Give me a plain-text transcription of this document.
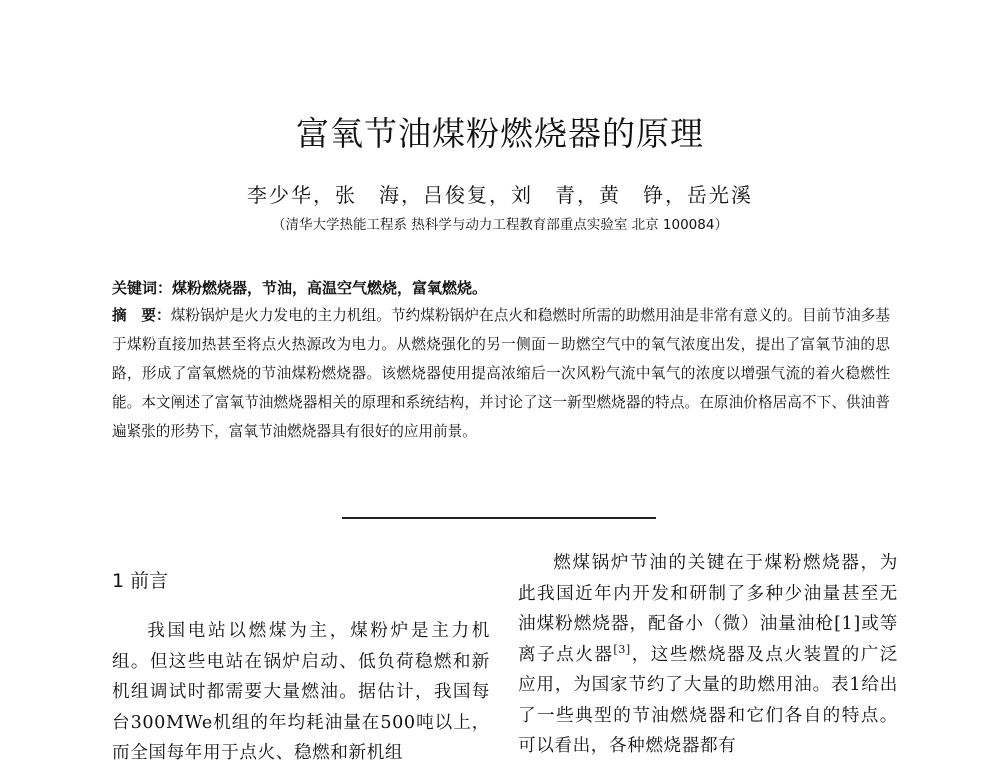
富氧节油煤粉燃烧器的原理
李少华，张　海，吕俊复，刘　青，黄　铮，岳光溪
（清华大学热能工程系 热科学与动力工程教育部重点实验室 北京 100084）
关键词：煤粉燃烧器，节油，高温空气燃烧，富氧燃烧。
摘　要：煤粉锅炉是火力发电的主力机组。节约煤粉锅炉在点火和稳燃时所需的助燃用油是非常有意义的。目前节油多基于煤粉直接加热甚至将点火热源改为电力。从燃烧强化的另一侧面－助燃空气中的氧气浓度出发，提出了富氧节油的思路，形成了富氧燃烧的节油煤粉燃烧器。该燃烧器使用提高浓缩后一次风粉气流中氧气的浓度以增强气流的着火稳燃性能。本文阐述了富氧节油燃烧器相关的原理和系统结构，并讨论了这一新型燃烧器的特点。在原油价格居高不下、供油普遍紧张的形势下，富氧节油燃烧器具有很好的应用前景。
1 前言
我国电站以燃煤为主，煤粉炉是主力机组。但这些电站在锅炉启动、低负荷稳燃和新机组调试时都需要大量燃油。据估计，我国每台300MWe机组的年均耗油量在500吨以上，而全国每年用于点火、稳燃和新机组
燃煤锅炉节油的关键在于煤粉燃烧器，为此我国近年内开发和研制了多种少油量甚至无油煤粉燃烧器，配备小（微）油量油枪[1]或等离子点火器[3]，这些燃烧器及点火装置的广泛应用，为国家节约了大量的助燃用油。表1给出了一些典型的节油燃烧器和它们各自的特点。可以看出，各种燃烧器都有
